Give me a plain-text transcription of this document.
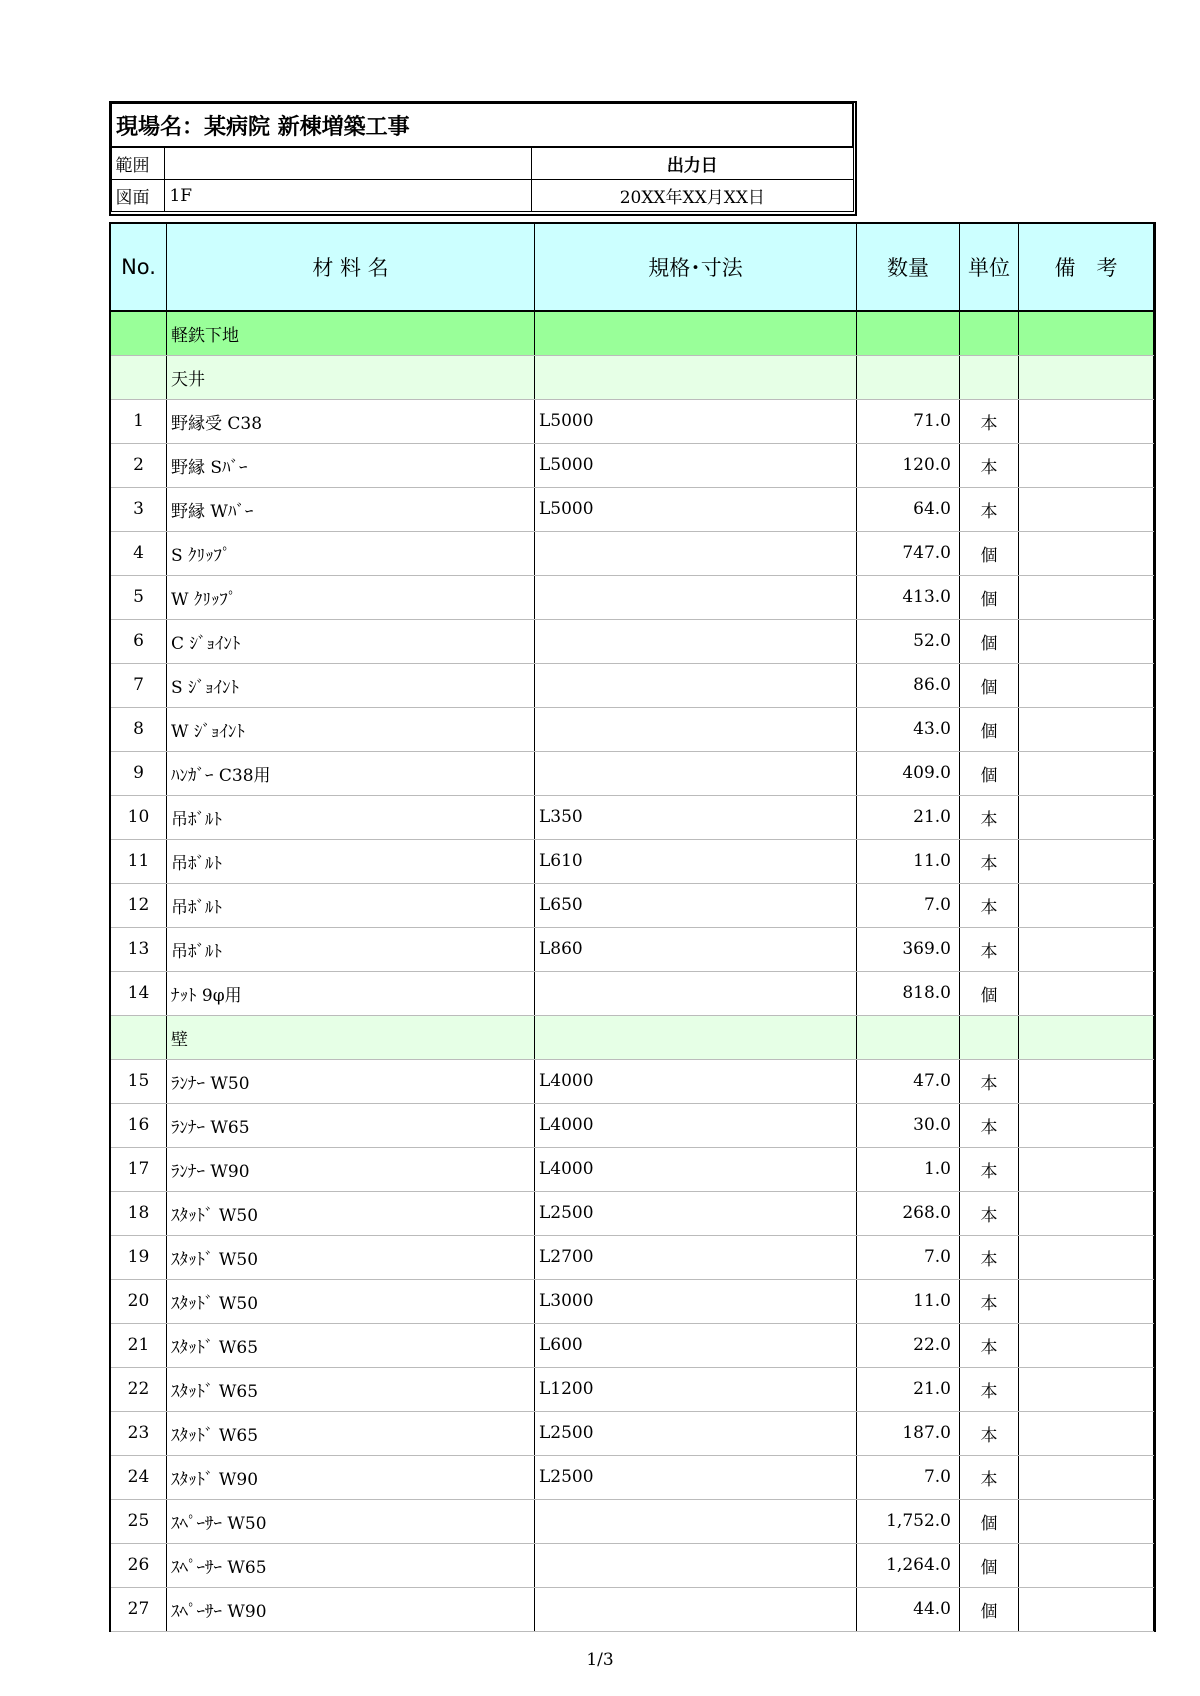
現場名：某病院 新棟増築工事		
範囲		出力日
図面	1F	20XX年XX月XX日
No.	材 料 名	規格･寸法	数量	単位	備　考
	軽鉄下地				
	天井				
1	野縁受 C38	L5000	71.0	本	
2	野縁 Sﾊﾞｰ	L5000	120.0	本	
3	野縁 Wﾊﾞｰ	L5000	64.0	本	
4	S ｸﾘｯﾌﾟ		747.0	個	
5	W ｸﾘｯﾌﾟ		413.0	個	
6	C ｼﾞｮｲﾝﾄ		52.0	個	
7	S ｼﾞｮｲﾝﾄ		86.0	個	
8	W ｼﾞｮｲﾝﾄ		43.0	個	
9	ﾊﾝｶﾞｰ C38用		409.0	個	
10	吊ﾎﾞﾙﾄ	L350	21.0	本	
11	吊ﾎﾞﾙﾄ	L610	11.0	本	
12	吊ﾎﾞﾙﾄ	L650	7.0	本	
13	吊ﾎﾞﾙﾄ	L860	369.0	本	
14	ﾅｯﾄ 9φ用		818.0	個	
	壁				
15	ﾗﾝﾅｰ W50	L4000	47.0	本	
16	ﾗﾝﾅｰ W65	L4000	30.0	本	
17	ﾗﾝﾅｰ W90	L4000	1.0	本	
18	ｽﾀｯﾄﾞ W50	L2500	268.0	本	
19	ｽﾀｯﾄﾞ W50	L2700	7.0	本	
20	ｽﾀｯﾄﾞ W50	L3000	11.0	本	
21	ｽﾀｯﾄﾞ W65	L600	22.0	本	
22	ｽﾀｯﾄﾞ W65	L1200	21.0	本	
23	ｽﾀｯﾄﾞ W65	L2500	187.0	本	
24	ｽﾀｯﾄﾞ W90	L2500	7.0	本	
25	ｽﾍﾟｰｻｰ W50		1,752.0	個	
26	ｽﾍﾟｰｻｰ W65		1,264.0	個	
27	ｽﾍﾟｰｻｰ W90		44.0	個	
1/3
